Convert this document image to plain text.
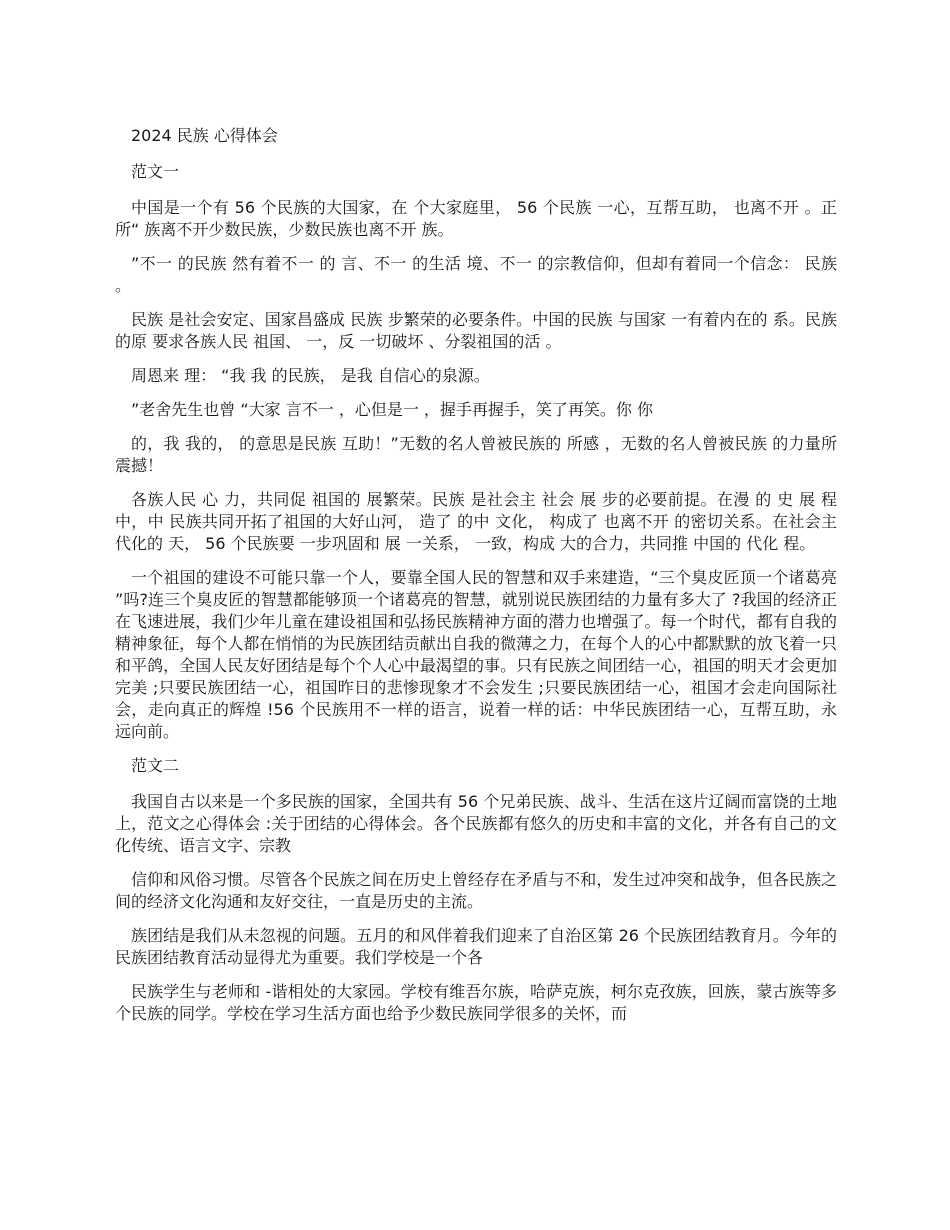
2024 民族 心得体会

范文一

中国是一个有 56 个民族的大国家，在 个大家庭里， 56 个民族 一心，互帮互助， 也离不开 。正所“ 族离不开少数民族，少数民族也离不开 族。

”不一 的民族 然有着不一 的 言、不一 的生活 境、不一 的宗教信仰，但却有着同一个信念： 民族 。

民族 是社会安定、国家昌盛成 民族 步繁荣的必要条件。中国的民族 与国家 一有着内在的 系。民族 的原 要求各族人民 祖国、 一，反 一切破坏 、分裂祖国的活 。

周恩来 理： “我 我 的民族， 是我 自信心的泉源。

”老舍先生也曾 “大家 言不一 ，心但是一 ，握手再握手，笑了再笑。你 你

的，我 我的， 的意思是民族 互助！”无数的名人曾被民族的 所感 ，无数的名人曾被民族 的力量所震撼！

各族人民 心 力，共同促 祖国的 展繁荣。民族 是社会主 社会 展 步的必要前提。在漫 的 史 展 程中，中 民族共同开拓了祖国的大好山河， 造了 的中 文化， 构成了 也离不开 的密切关系。在社会主 代化的 天， 56 个民族要 一步巩固和 展 一关系， 一致，构成 大的合力，共同推 中国的 代化 程。

一个祖国的建设不可能只靠一个人，要靠全国人民的智慧和双手来建造，“三个臭皮匠顶一个诸葛亮 ”吗?连三个臭皮匠的智慧都能够顶一个诸葛亮的智慧，就别说民族团结的力量有多大了 ?我国的经济正在飞速进展，我们少年儿童在建设祖国和弘扬民族精神方面的潜力也增强了。每一个时代，都有自我的精神象征，每个人都在悄悄的为民族团结贡献出自我的微薄之力，在每个人的心中都默默的放飞着一只和平鸽，全国人民友好团结是每个个人心中最渴望的事。只有民族之间团结一心，祖国的明天才会更加完美 ;只要民族团结一心，祖国昨日的悲惨现象才不会发生 ;只要民族团结一心，祖国才会走向国际社会，走向真正的辉煌 !56 个民族用不一样的语言，说着一样的话：中华民族团结一心，互帮互助，永远向前。

范文二

我国自古以来是一个多民族的国家，全国共有 56 个兄弟民族、战斗、生活在这片辽阔而富饶的土地上，范文之心得体会 :关于团结的心得体会。各个民族都有悠久的历史和丰富的文化，并各有自己的文化传统、语言文字、宗教

信仰和风俗习惯。尽管各个民族之间在历史上曾经存在矛盾与不和，发生过冲突和战争，但各民族之间的经济文化沟通和友好交往，一直是历史的主流。

族团结是我们从未忽视的问题。五月的和风伴着我们迎来了自治区第 26 个民族团结教育月。今年的民族团结教育活动显得尤为重要。我们学校是一个各

民族学生与老师和 -谐相处的大家园。学校有维吾尔族，哈萨克族，柯尔克孜族，回族，蒙古族等多个民族的同学。学校在学习生活方面也给予少数民族同学很多的关怀，而
